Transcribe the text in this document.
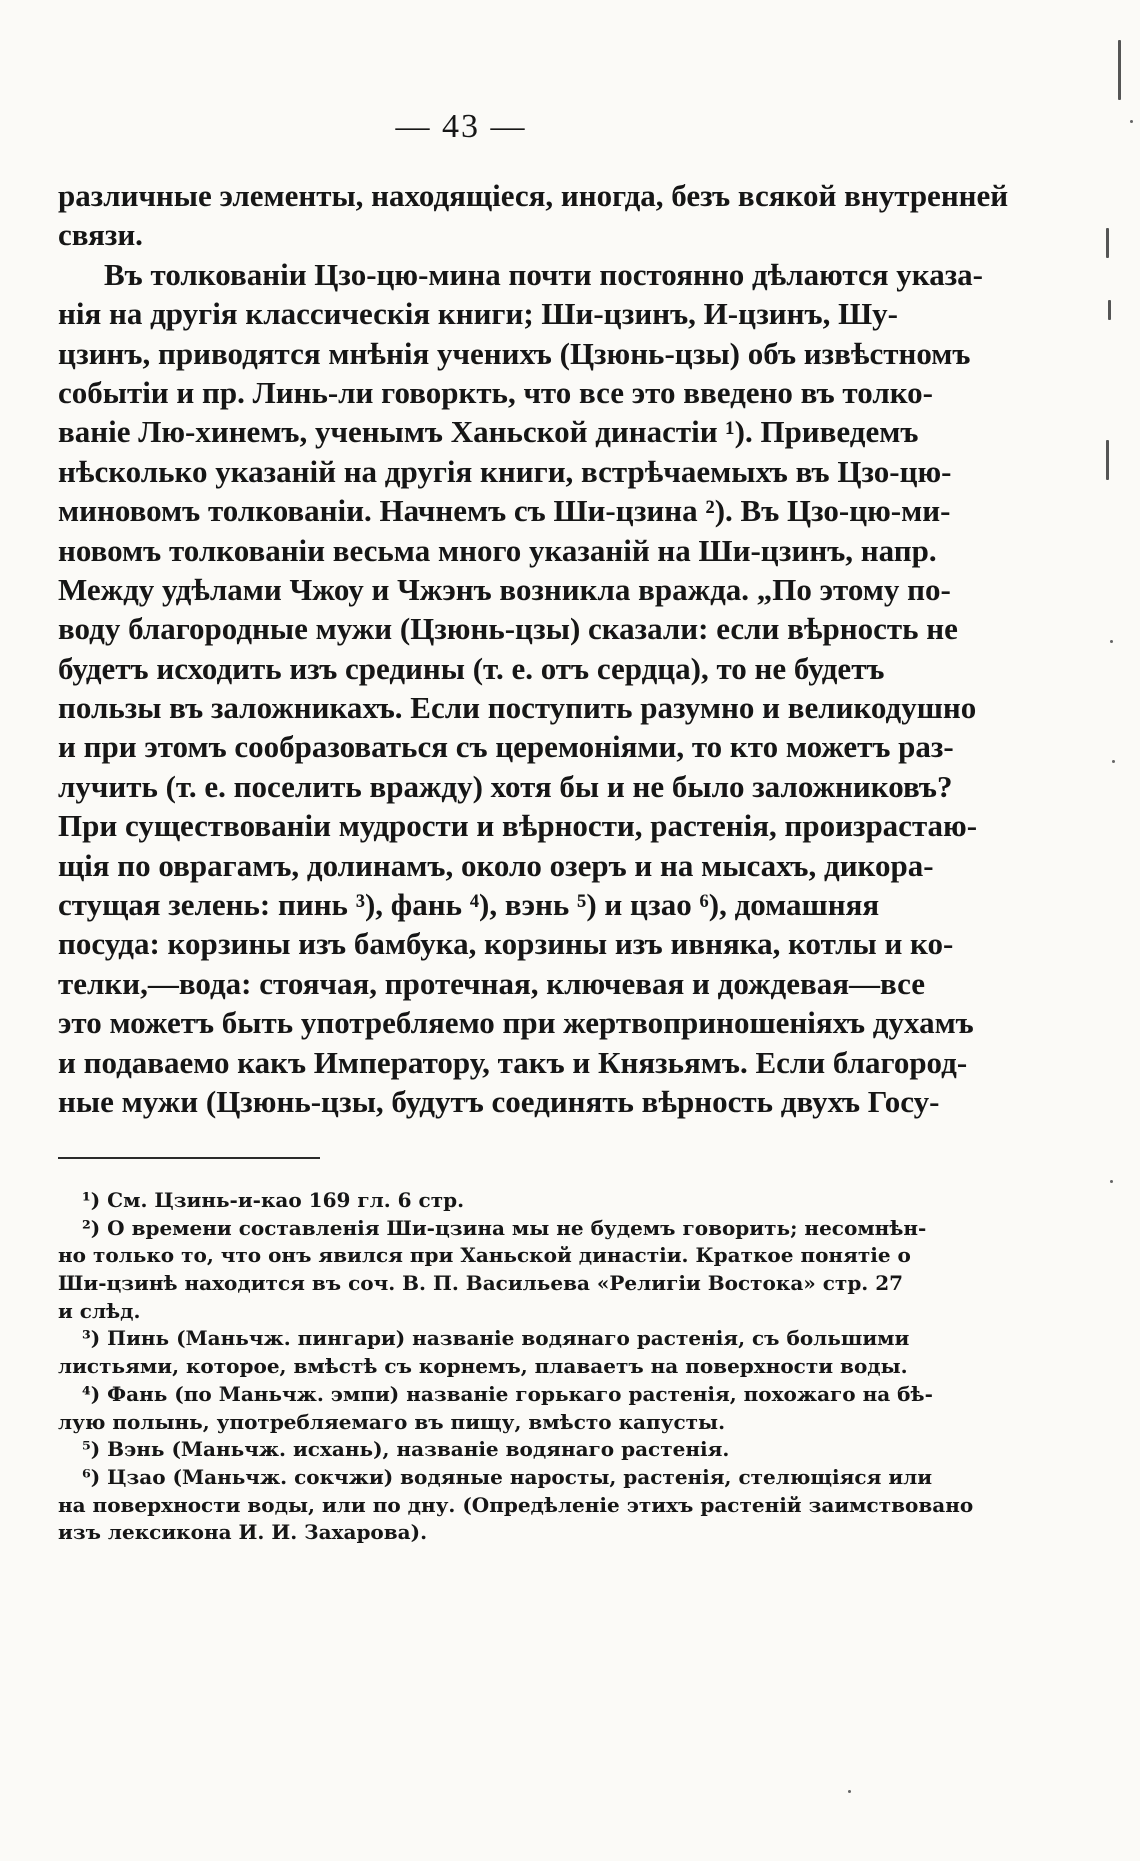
— 43 —
различные элементы, находящіеся, иногда, безъ всякой внутренней
связи.
Въ толкованіи Цзо-цю-мина почти постоянно дѣлаются указа-
нія на другія классическія книги; Ши-цзинъ, И-цзинъ, Шу-
цзинъ, приводятся мнѣнія ученихъ (Цзюнь-цзы) объ извѣстномъ
событіи и пр. Линь-ли говоркть, что все это введено въ толко-
ваніе Лю-хинемъ, ученымъ Ханьской династіи ¹). Приведемъ
нѣсколько указаній на другія книги, встрѣчаемыхъ въ Цзо-цю-
миновомъ толкованіи. Начнемъ съ Ши-цзина ²). Въ Цзо-цю-ми-
новомъ толкованіи весьма много указаній на Ши-цзинъ, напр.
Между удѣлами Чжоу и Чжэнъ возникла вражда. „По этому по-
воду благородные мужи (Цзюнь-цзы) сказали: если вѣрность не
будетъ исходить изъ средины (т. е. отъ сердца), то не будетъ
пользы въ заложникахъ. Если поступить разумно и великодушно
и при этомъ сообразоваться съ церемоніями, то кто можетъ раз-
лучить (т. е. поселить вражду) хотя бы и не было заложниковъ?
При существованіи мудрости и вѣрности, растенія, произрастаю-
щія по оврагамъ, долинамъ, около озеръ и на мысахъ, дикора-
стущая зелень: пинь ³), фань ⁴), вэнь ⁵) и цзао ⁶), домашняя
посуда: корзины изъ бамбука, корзины изъ ивняка, котлы и ко-
телки,—вода: стоячая, протечная, ключевая и дождевая—все
это можетъ быть употребляемо при жертвоприношеніяхъ духамъ
и подаваемо какъ Императору, такъ и Князьямъ. Если благород-
ные мужи (Цзюнь-цзы, будутъ соединять вѣрность двухъ Госу-
¹) См. Цзинь-и-као 169 гл. 6 стр.
²) О времени составленія Ши-цзина мы не будемъ говорить; несомнѣн-
но только то, что онъ явился при Ханьской династіи. Краткое понятіе о
Ши-цзинѣ находится въ соч. В. П. Васильева «Религіи Востока» стр. 27
и слѣд.
³) Пинь (Маньчж. пингари) названіе водянаго растенія, съ большими
листьями, которое, вмѣстѣ съ корнемъ, плаваетъ на поверхности воды.
⁴) Фань (по Маньчж. эмпи) названіе горькаго растенія, похожаго на бѣ-
лую полынь, употребляемаго въ пищу, вмѣсто капусты.
⁵) Вэнь (Маньчж. исхань), названіе водянаго растенія.
⁶) Цзао (Маньчж. сокчжи) водяные наросты, растенія, стелющіяся или
на поверхности воды, или по дну. (Опредѣленіе этихъ растеній заимствовано
изъ лексикона И. И. Захарова).
